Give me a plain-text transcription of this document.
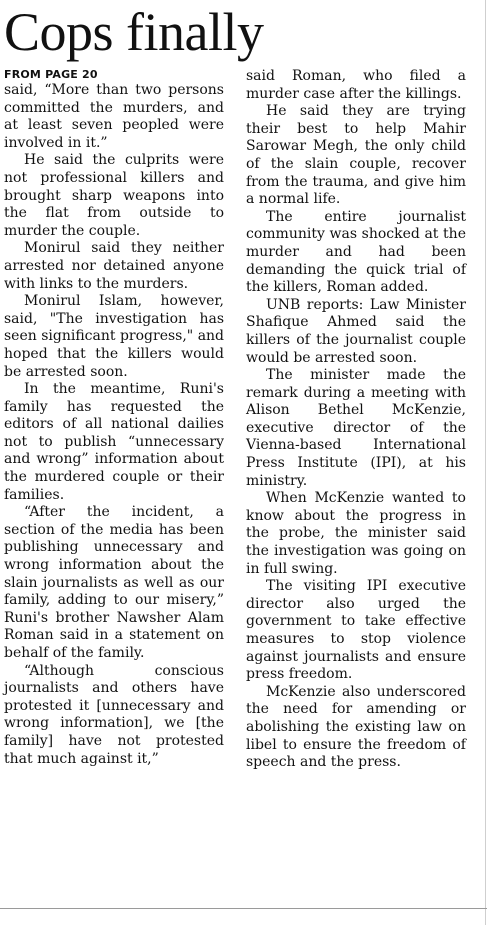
Cops finally
FROM PAGE 20

said, “More than two persons committed the murders, and at least seven peopled were involved in it.”

He said the culprits were not professional killers and brought sharp weapons into the flat from outside to murder the couple.

Monirul said they neither arrested nor detained anyone with links to the murders.

Monirul Islam, however, said, "The investigation has seen significant progress," and hoped that the killers would be arrested soon.

In the meantime, Runi's family has requested the editors of all national dailies not to publish “unnecessary and wrong” information about the murdered couple or their families.

“After the incident, a section of the media has been publishing unnecessary and wrong information about the slain journalists as well as our family, adding to our misery,” Runi's brother Nawsher Alam Roman said in a statement on behalf of the family.

“Although conscious journalists and others have protested it [unnecessary and wrong information], we [the family] have not protested that much against it,”

said Roman, who filed a murder case after the killings.

He said they are trying their best to help Mahir Sarowar Megh, the only child of the slain couple, recover from the trauma, and give him a normal life.

The entire journalist community was shocked at the murder and had been demanding the quick trial of the killers, Roman added.

UNB reports: Law Minister Shafique Ahmed said the killers of the journalist couple would be arrested soon.

The minister made the remark during a meeting with Alison Bethel McKenzie, executive director of the Vienna-based International Press Institute (IPI), at his ministry.

When McKenzie wanted to know about the progress in the probe, the minister said the investigation was going on in full swing.

The visiting IPI executive director also urged the government to take effective measures to stop violence against journalists and ensure press freedom.

McKenzie also underscored the need for amending or abolishing the existing law on libel to ensure the freedom of speech and the press.
